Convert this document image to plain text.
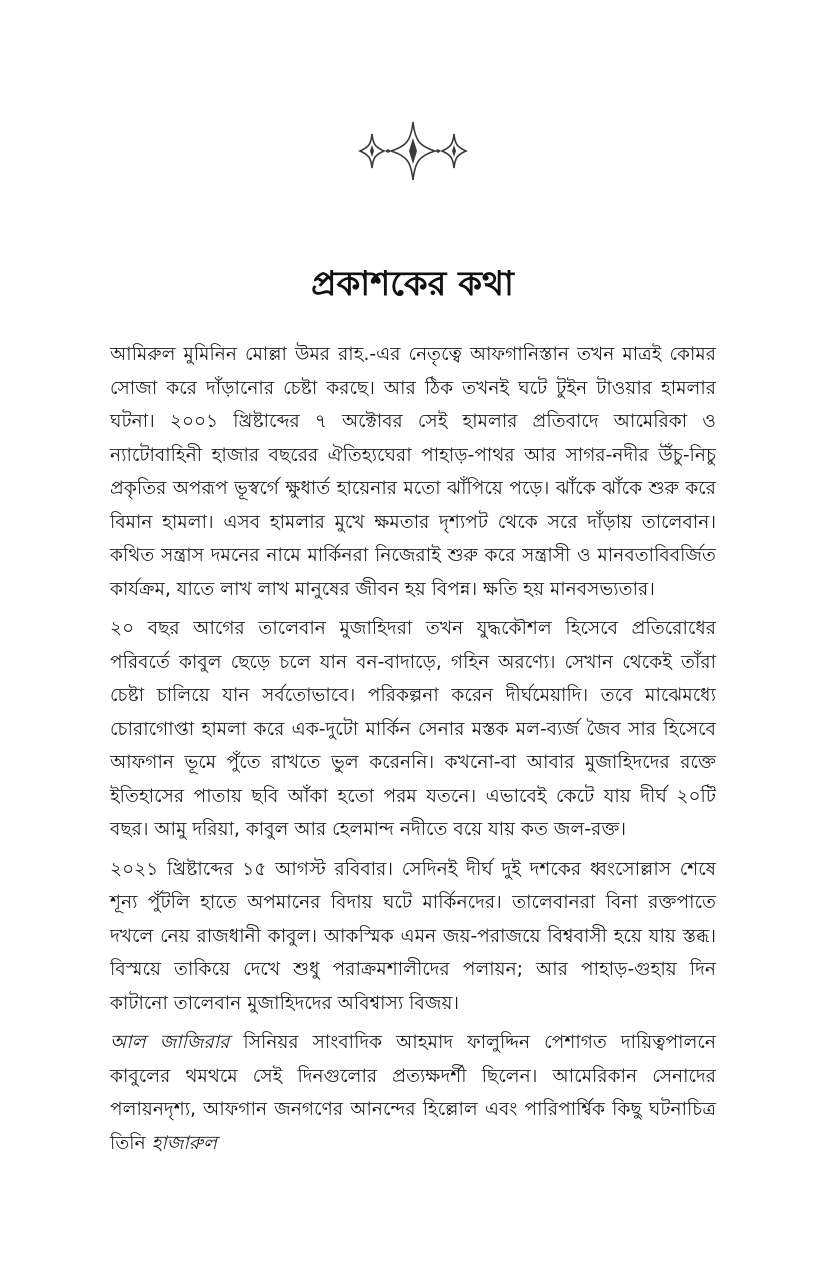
প্রকাশকের কথা

আমিরুল মুমিনিন মোল্লা উমর রাহ.-এর নেতৃত্বে আফগানিস্তান তখন মাত্রই কোমর সোজা করে দাঁড়ানোর চেষ্টা করছে। আর ঠিক তখনই ঘটে টুইন টাওয়ার হামলার ঘটনা। ২০০১ খ্রিষ্টাব্দের ৭ অক্টোবর সেই হামলার প্রতিবাদে আমেরিকা ও ন্যাটোবাহিনী হাজার বছরের ঐতিহ্যঘেরা পাহাড়-পাথর আর সাগর-নদীর উঁচু-নিচু প্রকৃতির অপরূপ ভূস্বর্গে ক্ষুধার্ত হায়েনার মতো ঝাঁপিয়ে পড়ে। ঝাঁকে ঝাঁকে শুরু করে বিমান হামলা। এসব হামলার মুখে ক্ষমতার দৃশ্যপট থেকে সরে দাঁড়ায় তালেবান। কথিত সন্ত্রাস দমনের নামে মার্কিনরা নিজেরাই শুরু করে সন্ত্রাসী ও মানবতাবিবর্জিত কার্যক্রম, যাতে লাখ লাখ মানুষের জীবন হয় বিপন্ন। ক্ষতি হয় মানবসভ্যতার।

২০ বছর আগের তালেবান মুজাহিদরা তখন যুদ্ধকৌশল হিসেবে প্রতিরোধের পরিবর্তে কাবুল ছেড়ে চলে যান বন-বাদাড়ে, গহিন অরণ্যে। সেখান থেকেই তাঁরা চেষ্টা চালিয়ে যান সর্বতোভাবে। পরিকল্পনা করেন দীর্ঘমেয়াদি। তবে মাঝেমধ্যে চোরাগোপ্তা হামলা করে এক-দুটো মার্কিন সেনার মস্তক মল-ব্যর্জ জৈব সার হিসেবে আফগান ভূমে পুঁতে রাখতে ভুল করেননি। কখনো-বা আবার মুজাহিদদের রক্তে ইতিহাসের পাতায় ছবি আঁকা হতো পরম যতনে। এভাবেই কেটে যায় দীর্ঘ ২০টি বছর। আমু দরিয়া, কাবুল আর হেলমান্দ নদীতে বয়ে যায় কত জল-রক্ত।

২০২১ খ্রিষ্টাব্দের ১৫ আগস্ট রবিবার। সেদিনই দীর্ঘ দুই দশকের ধ্বংসোল্লাস শেষে শূন্য পুঁটলি হাতে অপমানের বিদায় ঘটে মার্কিনদের। তালেবানরা বিনা রক্তপাতে দখলে নেয় রাজধানী কাবুল। আকস্মিক এমন জয়-পরাজয়ে বিশ্ববাসী হয়ে যায় স্তব্ধ। বিস্ময়ে তাকিয়ে দেখে শুধু পরাক্রমশালীদের পলায়ন; আর পাহাড়-গুহায় দিন কাটানো তালেবান মুজাহিদদের অবিশ্বাস্য বিজয়।

আল জাজিরার সিনিয়র সাংবাদিক আহমাদ ফালুদ্দিন পেশাগত দায়িত্বপালনে কাবুলের থমথমে সেই দিনগুলোর প্রত্যক্ষদর্শী ছিলেন। আমেরিকান সেনাদের পলায়নদৃশ্য, আফগান জনগণের আনন্দের হিল্লোল এবং পারিপার্শ্বিক কিছু ঘটনাচিত্র তিনি হাজারুল
